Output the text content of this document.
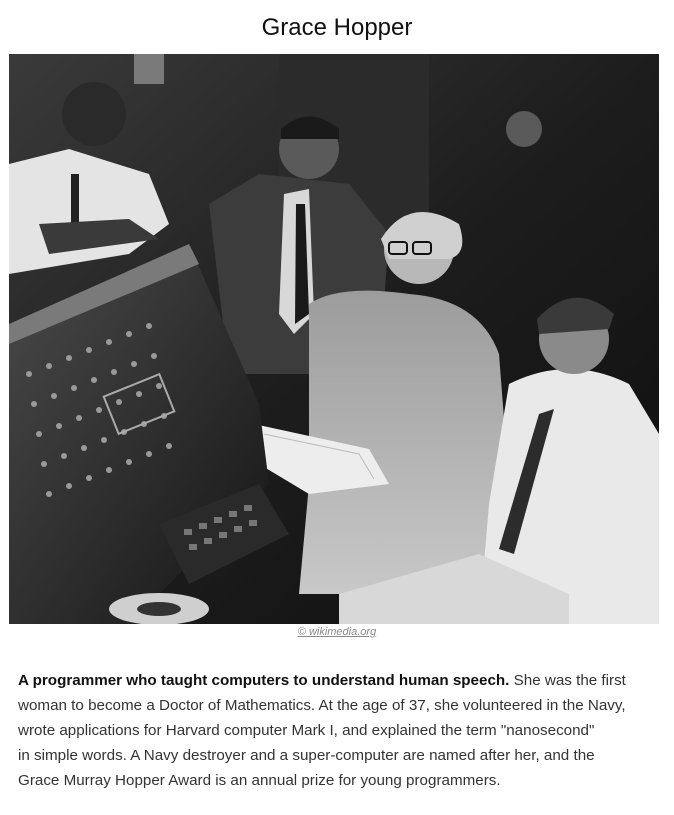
Grace Hopper
© wikimedia.org
A programmer who taught computers to understand human speech. She was the first
woman to become a Doctor of Mathematics. At the age of 37, she volunteered in the Navy,
wrote applications for Harvard computer Mark I, and explained the term "nanosecond"
in simple words. A Navy destroyer and a super-computer are named after her, and the
Grace Murray Hopper Award is an annual prize for young programmers.
